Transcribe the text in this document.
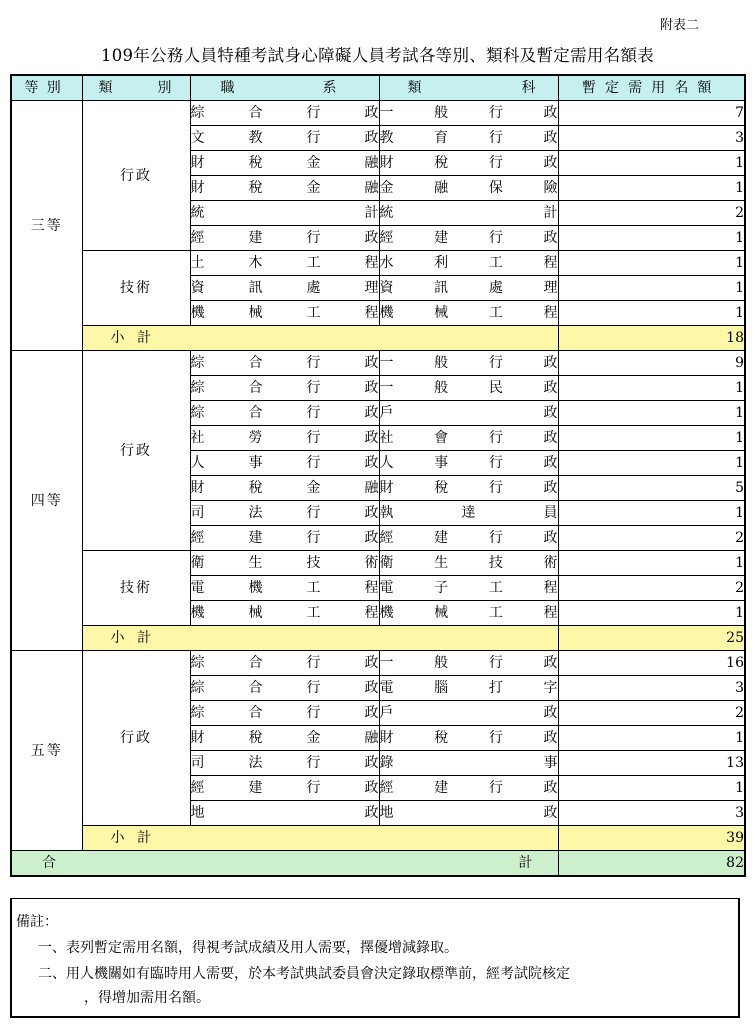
附表二
109年公務人員特種考試身心障礙人員考試各等別、類科及暫定需用名額表
等別	類別	職 系	類 科	暫定需用名額
三等	行政	綜合行政	一般行政	7

		文教行政	教育行政	3

		財稅金融	財稅行政	1

		財稅金融	金融保險	1

		統計	統計	2

		經建行政	經建行政	1
	技術	土木工程	水利工程	1

		資訊處理	資訊處理	1

		機械工程	機械工程	1
	小計			18
四等	行政	綜合行政	一般行政	9

		綜合行政	一般民政	1

		綜合行政	戶政	1

		社勞行政	社會行政	1

		人事行政	人事行政	1

		財稅金融	財稅行政	5

		司法行政	執達員	1

		經建行政	經建行政	2
	技術	衛生技術	衛生技術	1

		電機工程	電子工程	2

		機械工程	機械工程	1
	小計			25
五等	行政	綜合行政	一般行政	16

		綜合行政	電腦打字	3

		綜合行政	戶政	2

		財稅金融	財稅行政	1

		司法行政	錄事	13

		經建行政	經建行政	1

		地政	地政	3
	小計			39
合 計				82
備註：
一、表列暫定需用名額，得視考試成績及用人需要，擇優增減錄取。
二、用人機關如有臨時用人需要，於本考試典試委員會決定錄取標準前，經考試院核定
，得增加需用名額。
